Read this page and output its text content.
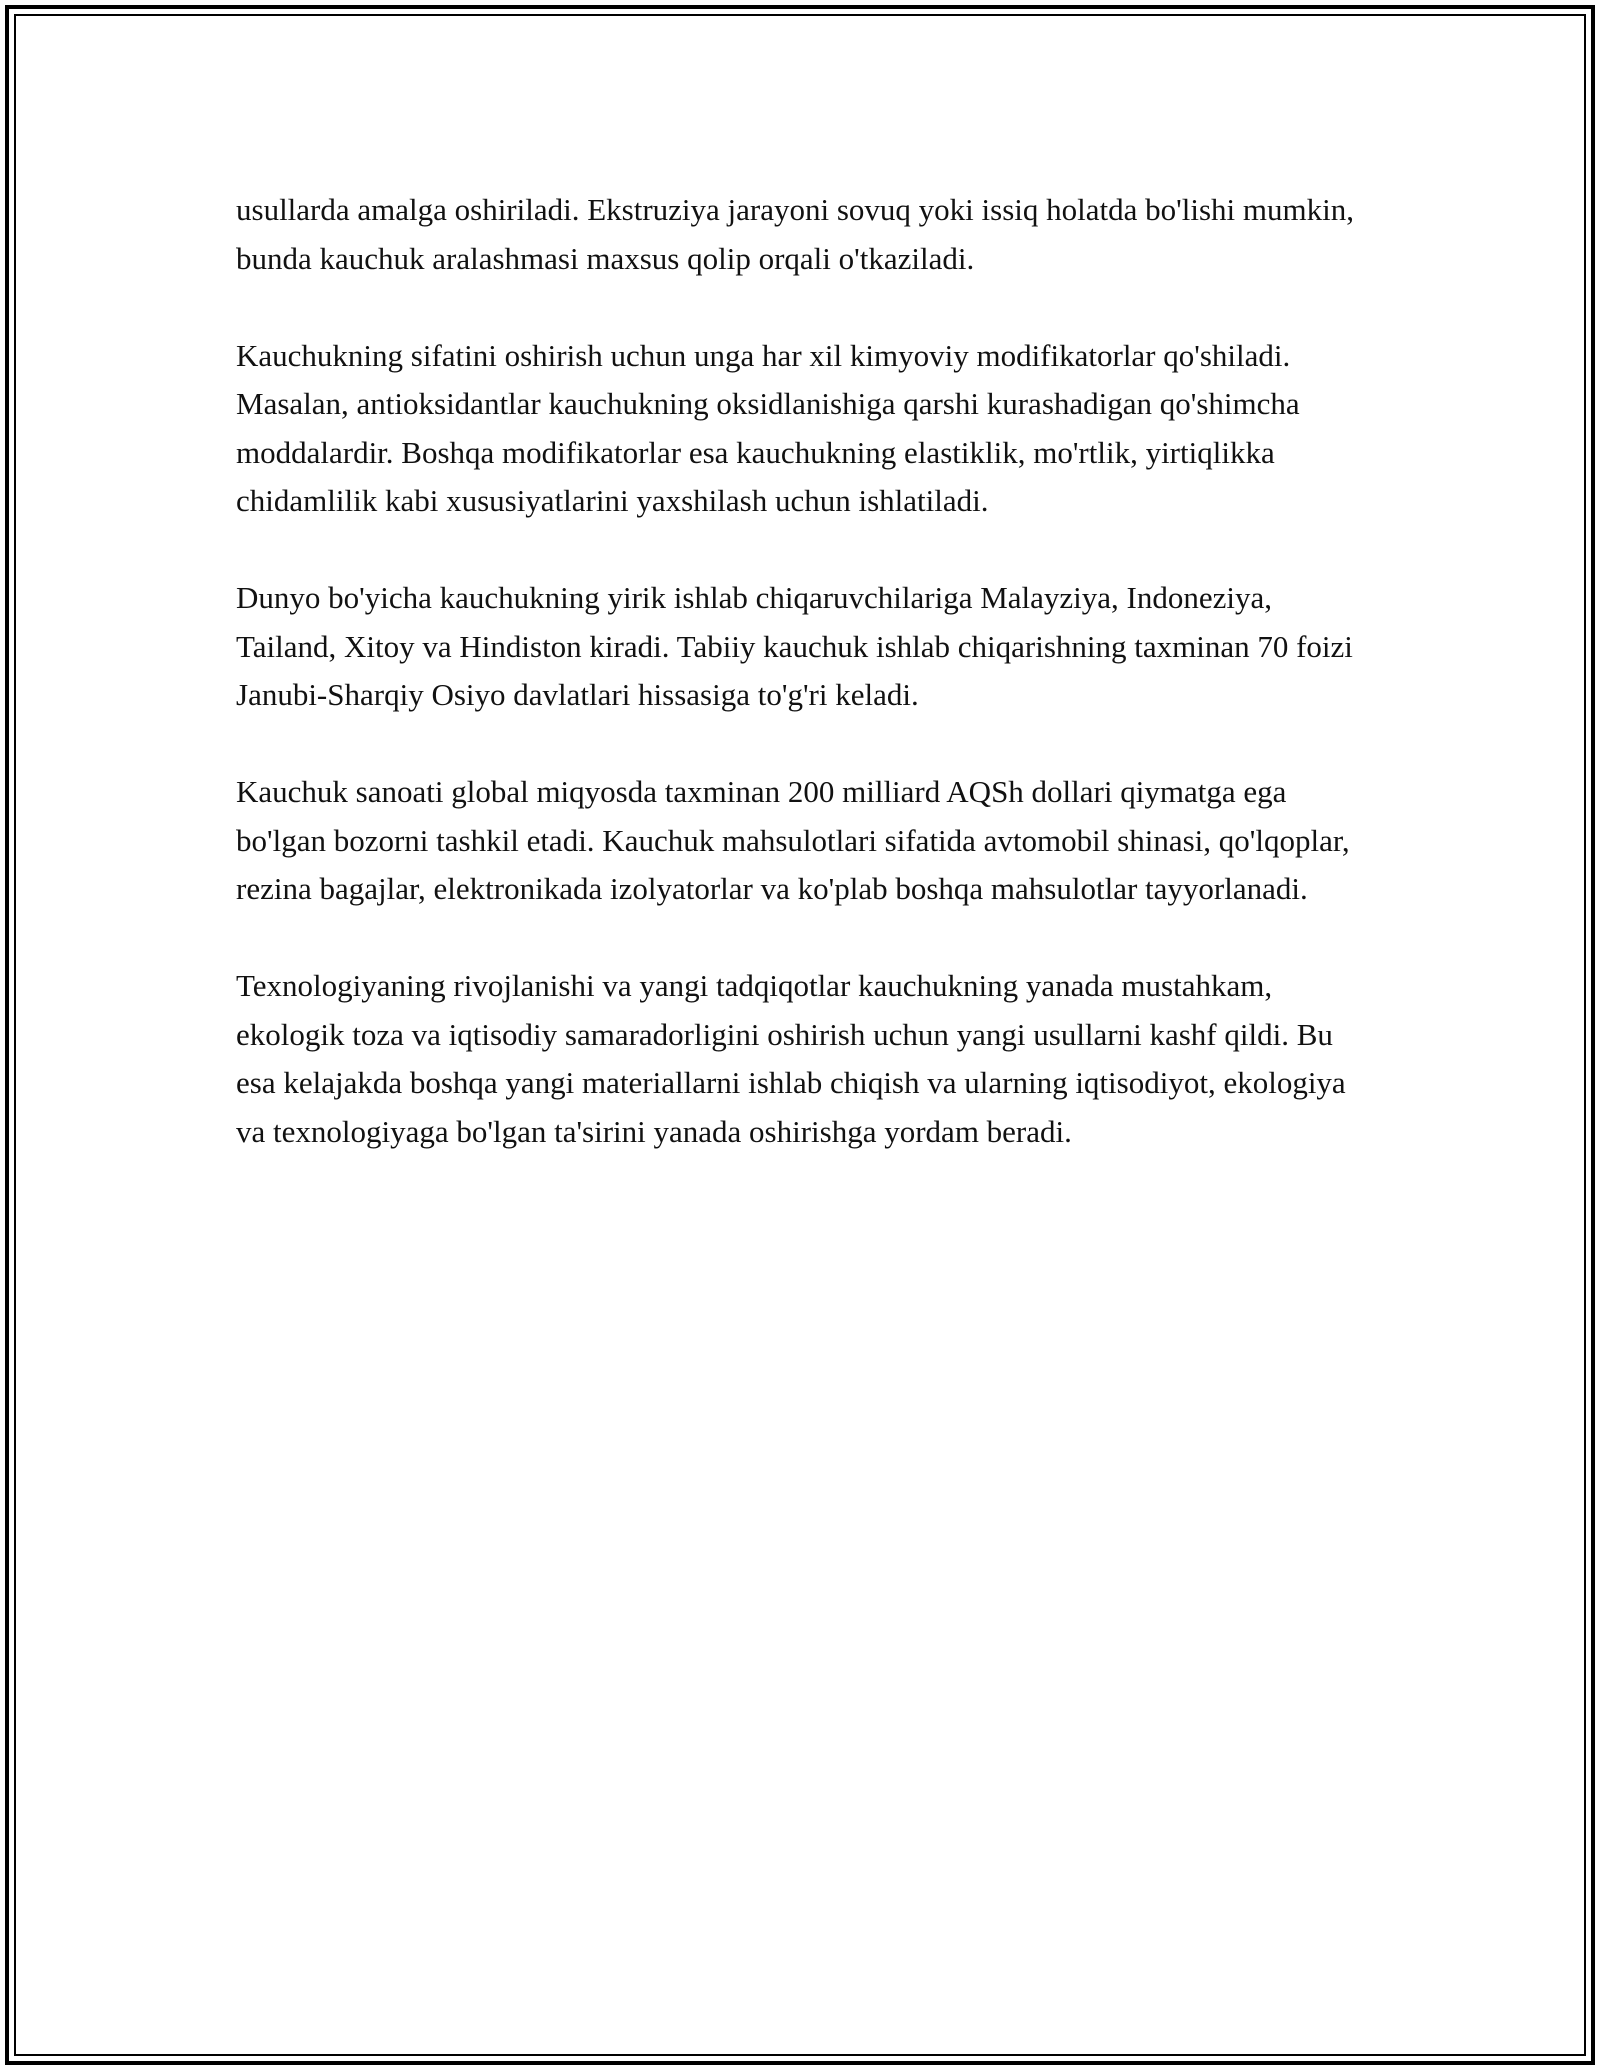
usullarda amalga oshiriladi. Ekstruziya jarayoni sovuq yoki issiq holatda bo'lishi mumkin, bunda kauchuk aralashmasi maxsus qolip orqali o'tkaziladi.

Kauchukning sifatini oshirish uchun unga har xil kimyoviy modifikatorlar qo'shiladi. Masalan, antioksidantlar kauchukning oksidlanishiga qarshi kurashadigan qo'shimcha moddalardir. Boshqa modifikatorlar esa kauchukning elastiklik, mo'rtlik, yirtiqlikka chidamlilik kabi xususiyatlarini yaxshilash uchun ishlatiladi.

Dunyo bo'yicha kauchukning yirik ishlab chiqaruvchilariga Malayziya, Indoneziya, Tailand, Xitoy va Hindiston kiradi. Tabiiy kauchuk ishlab chiqarishning taxminan 70 foizi Janubi-Sharqiy Osiyo davlatlari hissasiga to'g'ri keladi.

Kauchuk sanoati global miqyosda taxminan 200 milliard AQSh dollari qiymatga ega bo'lgan bozorni tashkil etadi. Kauchuk mahsulotlari sifatida avtomobil shinasi, qo'lqoplar, rezina bagajlar, elektronikada izolyatorlar va ko'plab boshqa mahsulotlar tayyorlanadi.

Texnologiyaning rivojlanishi va yangi tadqiqotlar kauchukning yanada mustahkam, ekologik toza va iqtisodiy samaradorligini oshirish uchun yangi usullarni kashf qildi. Bu esa kelajakda boshqa yangi materiallarni ishlab chiqish va ularning iqtisodiyot, ekologiya va texnologiyaga bo'lgan ta'sirini yanada oshirishga yordam beradi.
